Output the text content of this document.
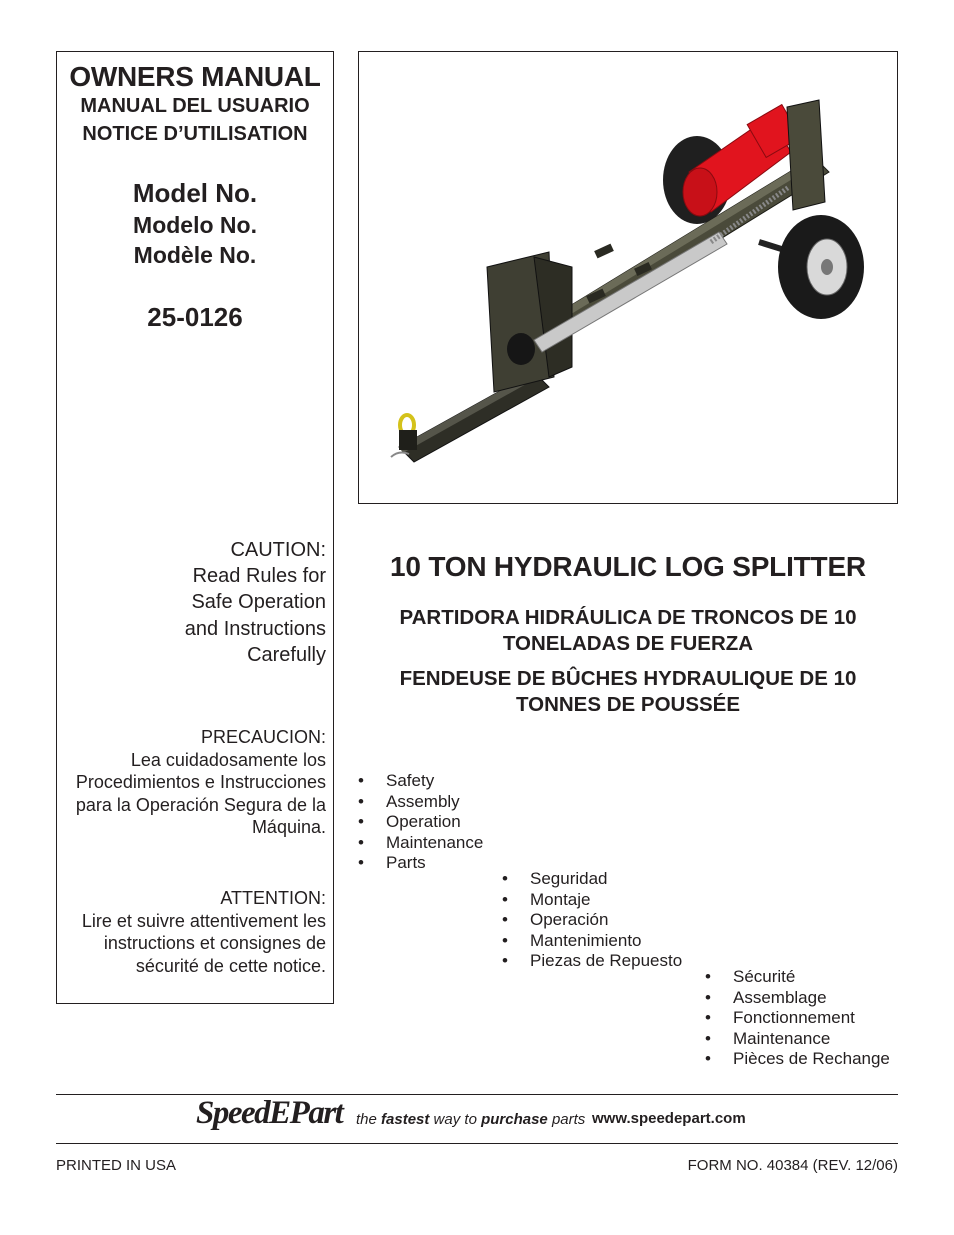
OWNERS MANUAL
MANUAL DEL USUARIO
NOTICE D’UTILISATION
Model No.
Modelo No.
Modèle No.
25-0126
CAUTION:
Read Rules for
Safe Operation
and Instructions
Carefully
PRECAUCION:
Lea cuidadosamente los
Procedimientos e Instrucciones
para la Operación Segura de la
Máquina.
ATTENTION:
Lire et suivre attentivement les
instructions et consignes de
sécurité de cette notice.
10 TON HYDRAULIC LOG SPLITTER
PARTIDORA HIDRÁULICA DE TRONCOS DE 10
TONELADAS DE FUERZA
FENDEUSE DE BÛCHES HYDRAULIQUE DE 10
TONNES DE POUSSÉE
• Safety
• Assembly
• Operation
• Maintenance
• Parts
• Seguridad
• Montaje
• Operación
• Mantenimiento
• Piezas de Repuesto
• Sécurité
• Assemblage
• Fonctionnement
• Maintenance
• Pièces de Rechange
SpeedEPart the fastest way to purchase parts www.speedepart.com
PRINTED IN USA	FORM NO. 40384 (REV. 12/06)
